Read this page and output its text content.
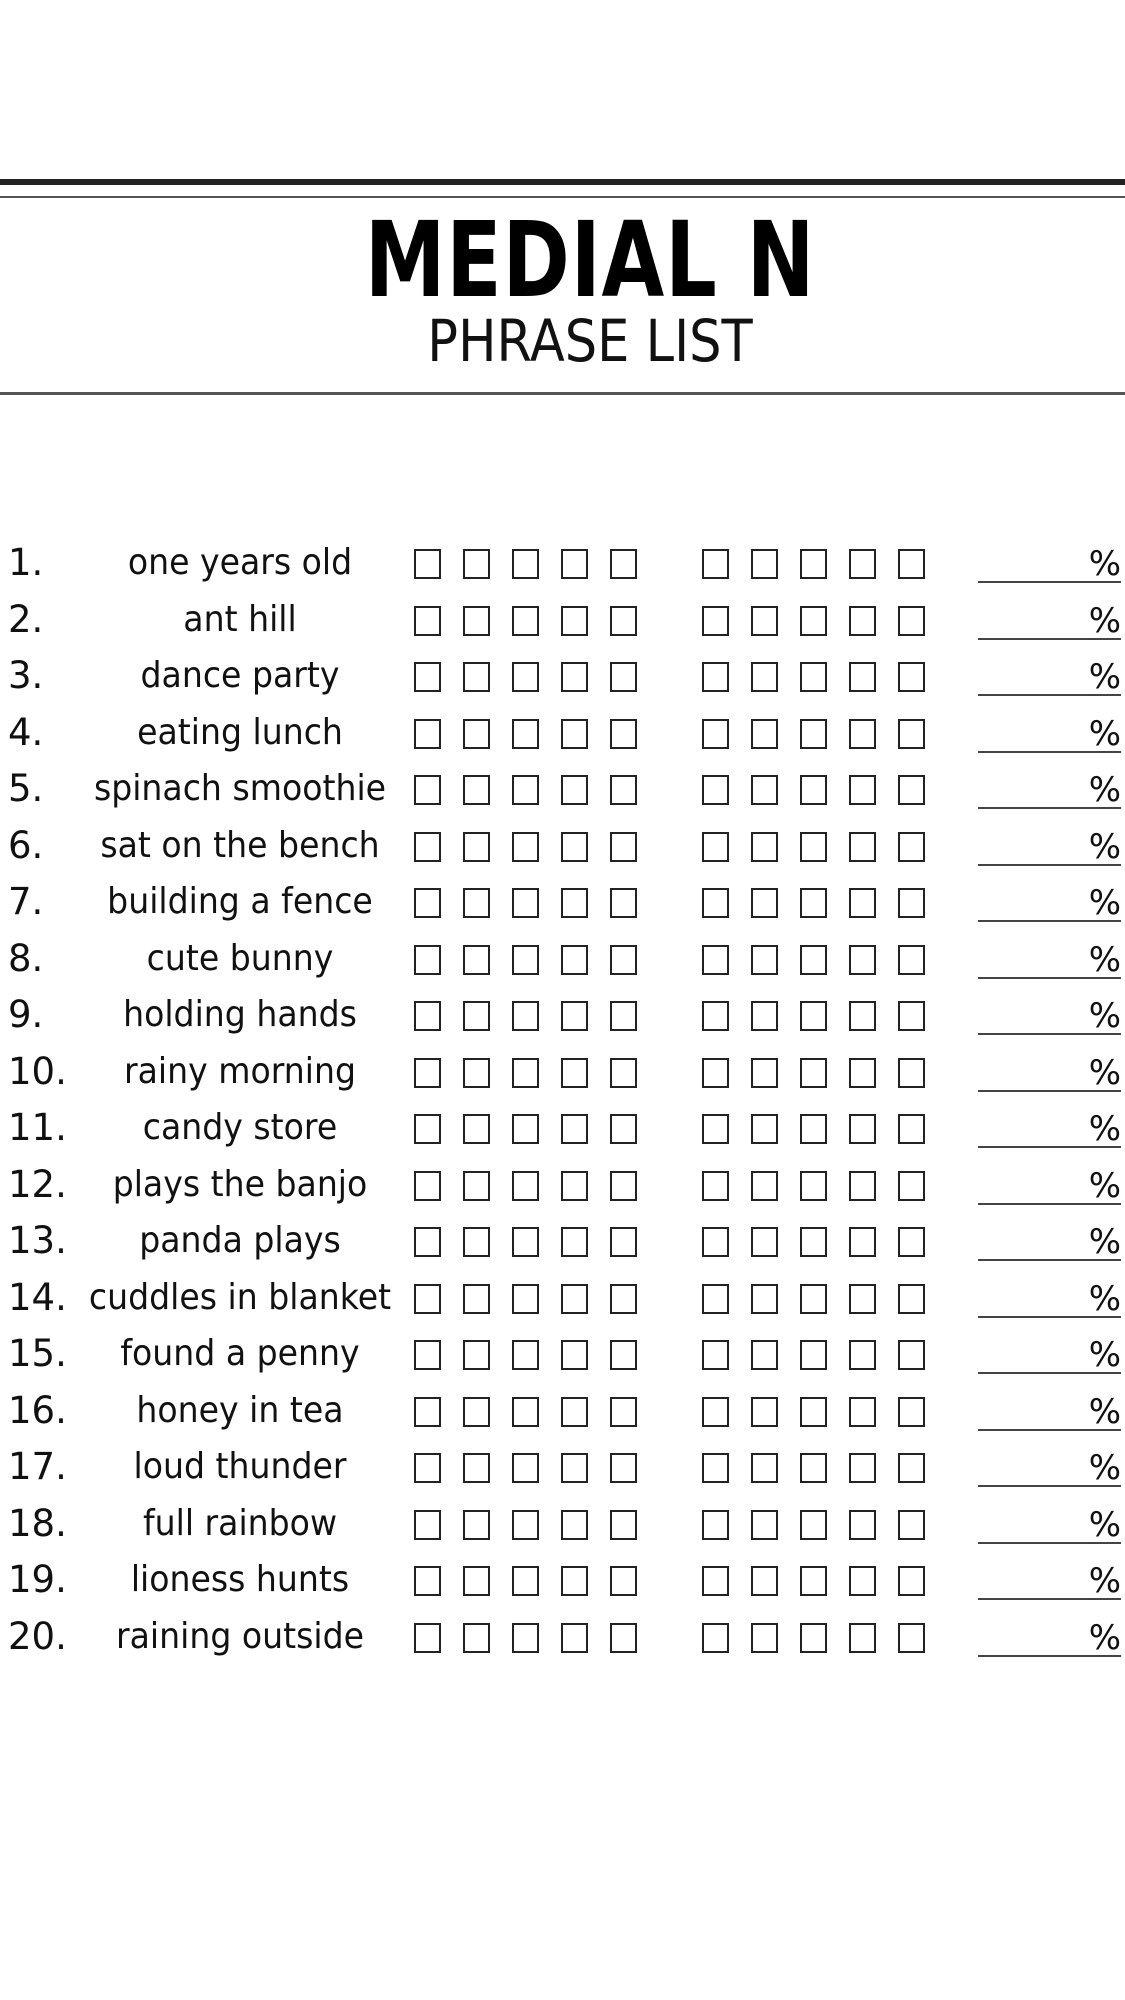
MEDIAL N
PHRASE LIST
1.	one years old	%
2.	ant hill	%
3.	dance party	%
4.	eating lunch	%
5.	spinach smoothie	%
6.	sat on the bench	%
7.	building a fence	%
8.	cute bunny	%
9.	holding hands	%
10.	rainy morning	%
11.	candy store	%
12.	plays the banjo	%
13.	panda plays	%
14. cuddles in blanket	%
15.	found a penny	%
16.	honey in tea	%
17.	loud thunder	%
18.	full rainbow	%
19.	lioness hunts	%
20.	raining outside	%
